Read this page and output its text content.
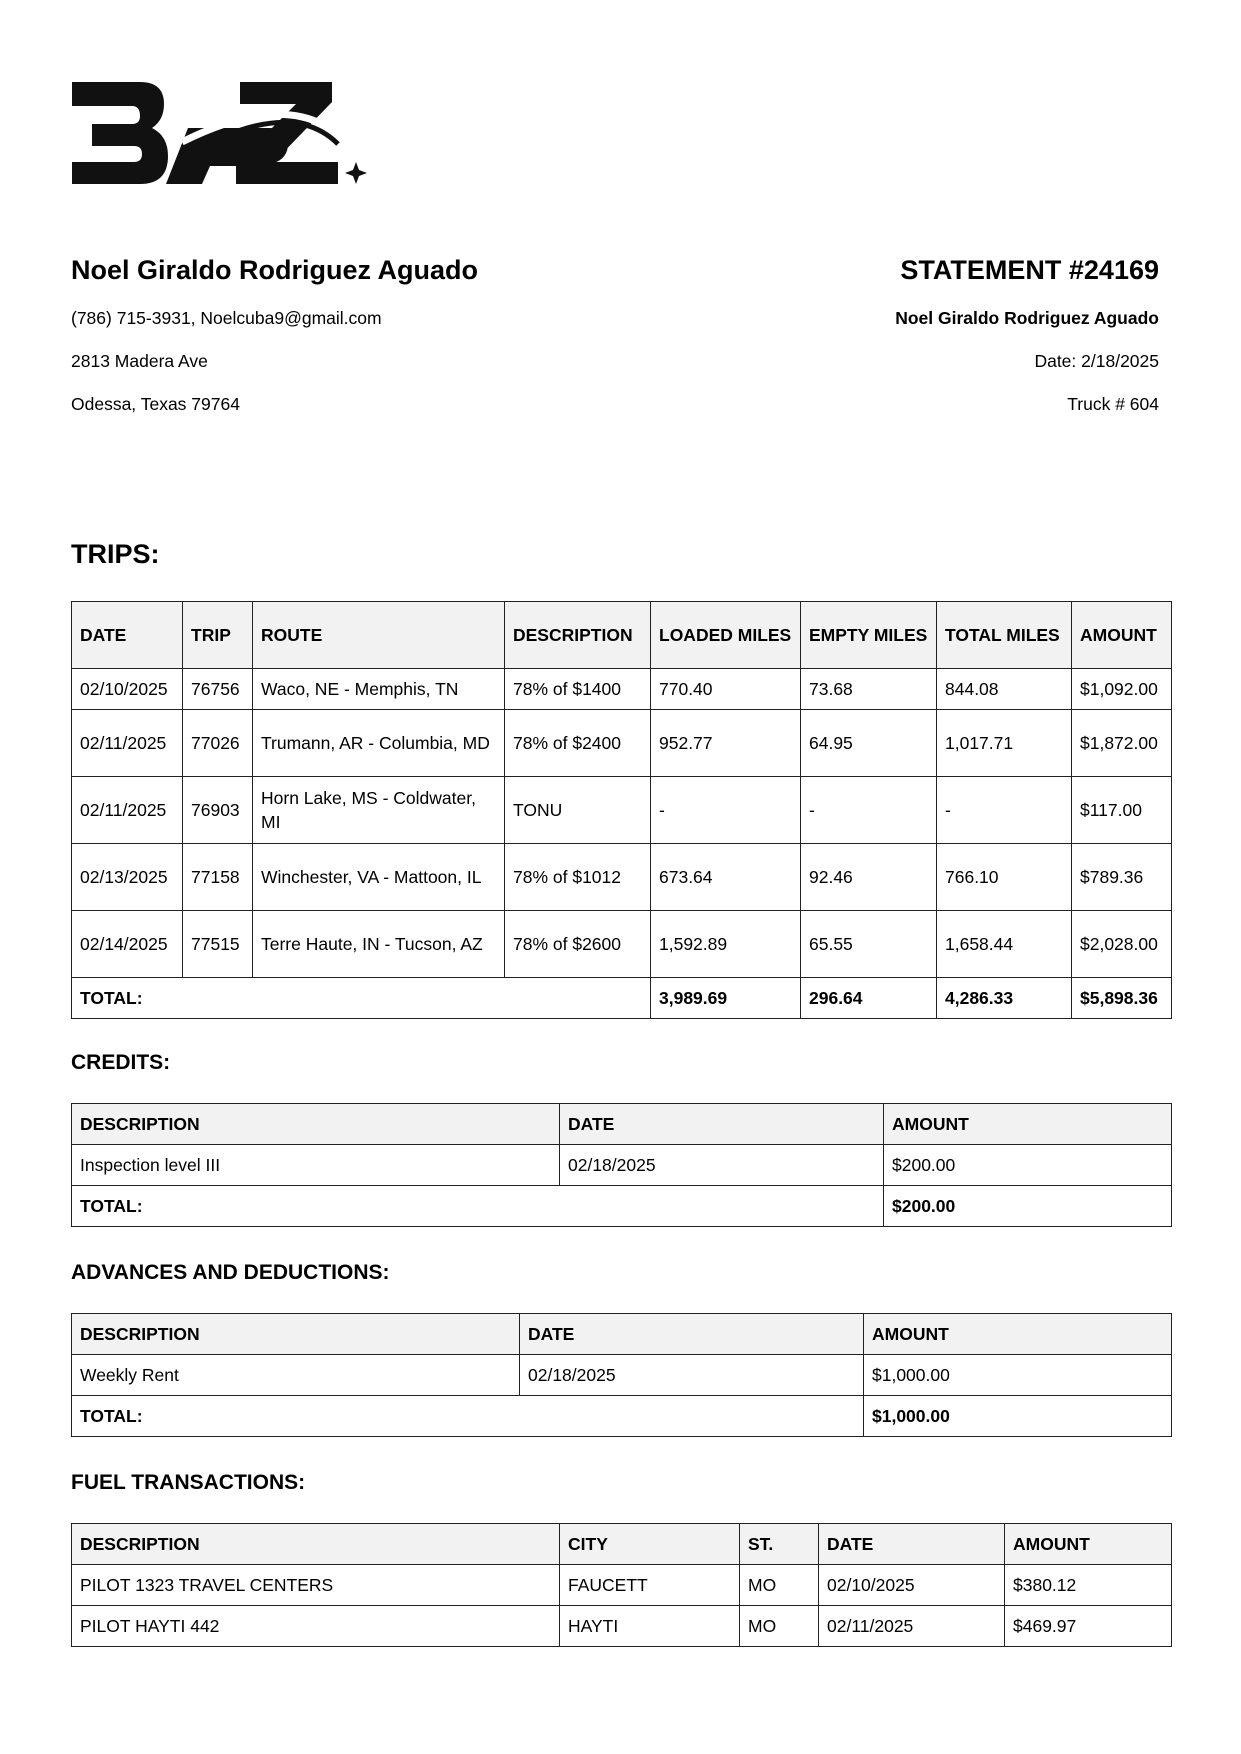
BRZ

Noel Giraldo Rodriguez Aguado

(786) 715-3931, Noelcuba9@gmail.com

2813 Madera Ave

Odessa, Texas 79764

STATEMENT #24169

Noel Giraldo Rodriguez Aguado

Date: 2/18/2025

Truck # 604

TRIPS:
DATE	TRIP	ROUTE	DESCRIPTION	LOADED MILES	EMPTY MILES	TOTAL MILES	AMOUNT
02/10/2025	76756	Waco, NE - Memphis, TN	78% of $1400	770.40	73.68	844.08	$1,092.00
02/11/2025	77026	Trumann, AR - Columbia, MD	78% of $2400	952.77	64.95	1,017.71	$1,872.00
02/11/2025	76903	Horn Lake, MS - Coldwater, MI	TONU	-	-	-	$117.00
02/13/2025	77158	Winchester, VA - Mattoon, IL	78% of $1012	673.64	92.46	766.10	$789.36
02/14/2025	77515	Terre Haute, IN - Tucson, AZ	78% of $2600	1,592.89	65.55	1,658.44	$2,028.00
TOTAL:				3,989.69	296.64	4,286.33	$5,898.36
CREDITS:
DESCRIPTION	DATE	AMOUNT
Inspection level III	02/18/2025	$200.00
TOTAL:		$200.00
ADVANCES AND DEDUCTIONS:
DESCRIPTION	DATE	AMOUNT
Weekly Rent	02/18/2025	$1,000.00
TOTAL:		$1,000.00
FUEL TRANSACTIONS:
DESCRIPTION	CITY	ST.	DATE	AMOUNT
PILOT 1323 TRAVEL CENTERS	FAUCETT	MO	02/10/2025	$380.12
PILOT HAYTI 442	HAYTI	MO	02/11/2025	$469.97
